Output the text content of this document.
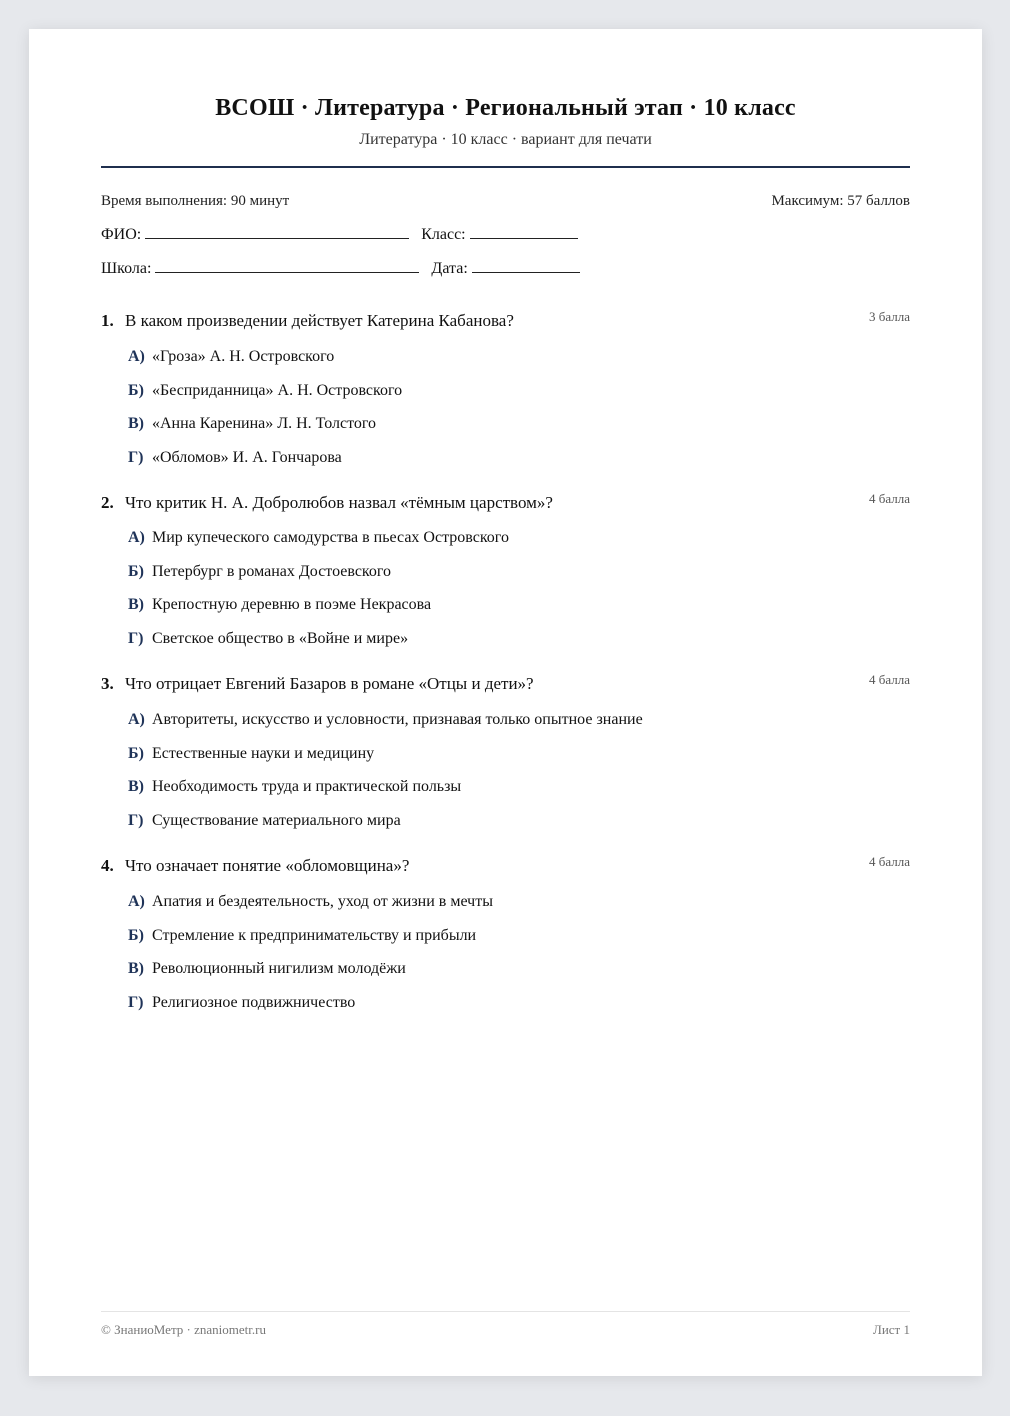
ВСОШ · Литература · Региональный этап · 10 класс
Литература · 10 класс · вариант для печати
Время выполнения: 90 минут	Максимум: 57 баллов
ФИО:	Класс:
Школа:	Дата:
1. В каком произведении действует Катерина Кабанова?	3 балла
А) «Гроза» А. Н. Островского
Б) «Бесприданница» А. Н. Островского
В) «Анна Каренина» Л. Н. Толстого
Г) «Обломов» И. А. Гончарова
2. Что критик Н. А. Добролюбов назвал «тёмным царством»?	4 балла
А) Мир купеческого самодурства в пьесах Островского
Б) Петербург в романах Достоевского
В) Крепостную деревню в поэме Некрасова
Г) Светское общество в «Войне и мире»
3. Что отрицает Евгений Базаров в романе «Отцы и дети»?	4 балла
А) Авторитеты, искусство и условности, признавая только опытное знание
Б) Естественные науки и медицину
В) Необходимость труда и практической пользы
Г) Существование материального мира
4. Что означает понятие «обломовщина»?	4 балла
А) Апатия и бездеятельность, уход от жизни в мечты
Б) Стремление к предпринимательству и прибыли
В) Революционный нигилизм молодёжи
Г) Религиозное подвижничество
© ЗнаниоМетр · znaniometr.ru	Лист 1
